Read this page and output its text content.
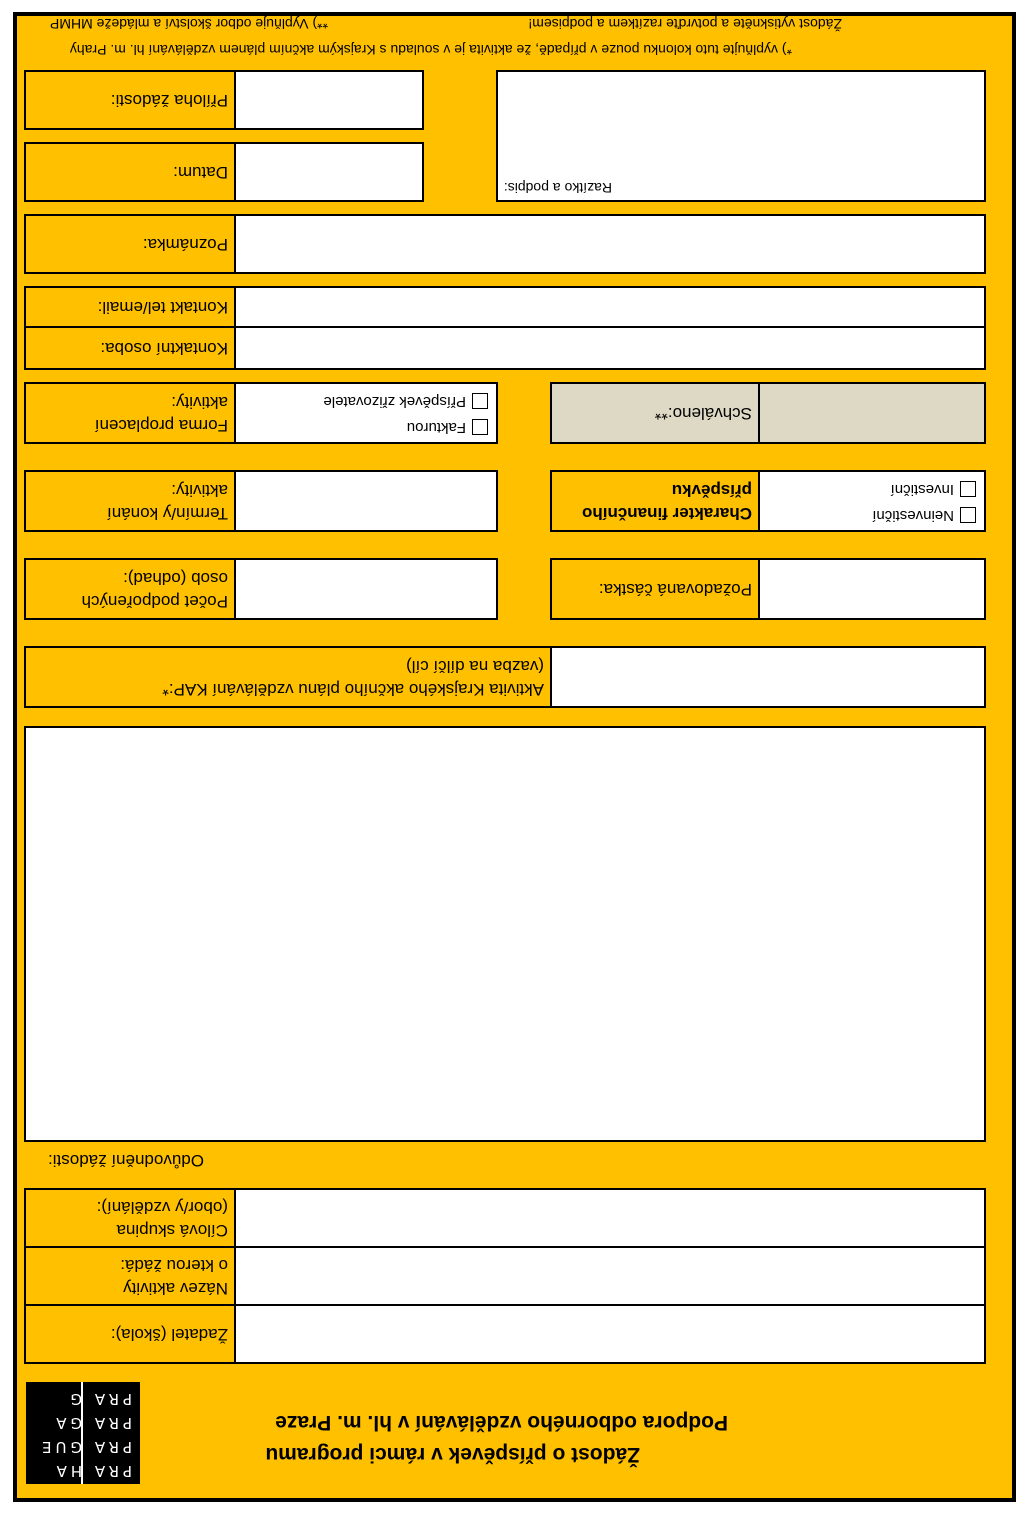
PRA HA
PRA GUE
PRA GA
PRA G
Žádost o příspěvek v rámci programu
Podpora odborného vzdělávání v hl. m. Praze
Žadatel (škola):
Název aktivity
o kterou žádá:
Cílová skupina
(obor/y vzdělání):
Odůvodnění žádosti:
Aktivita Krajského akčního plánu vzdělávání KAP:*
(vazba na dílčí cíl)
Počet podpořených
osob (odhad):
Požadovaná částka:
Termín/y konání
aktivity:
Charakter finančního
příspěvku
Neinvestiční
Investiční
Forma proplacení
aktivity:
Fakturou
Příspěvek zřizovatele
Schváleno:**
Kontaktní osoba:
Kontakt tel/email:
Poznámka:
Datum:
Příloha žádosti:
Razítko a podpis:
*) vyplňujte tuto kolonku pouze v případě, že aktivita je v souladu s Krajským akčním plánem vzdělávání hl. m. Prahy
**) Vyplňuje odbor školství a mládeže MHMP	Žádost vytiskněte a potvrďte razítkem a podpisem!
